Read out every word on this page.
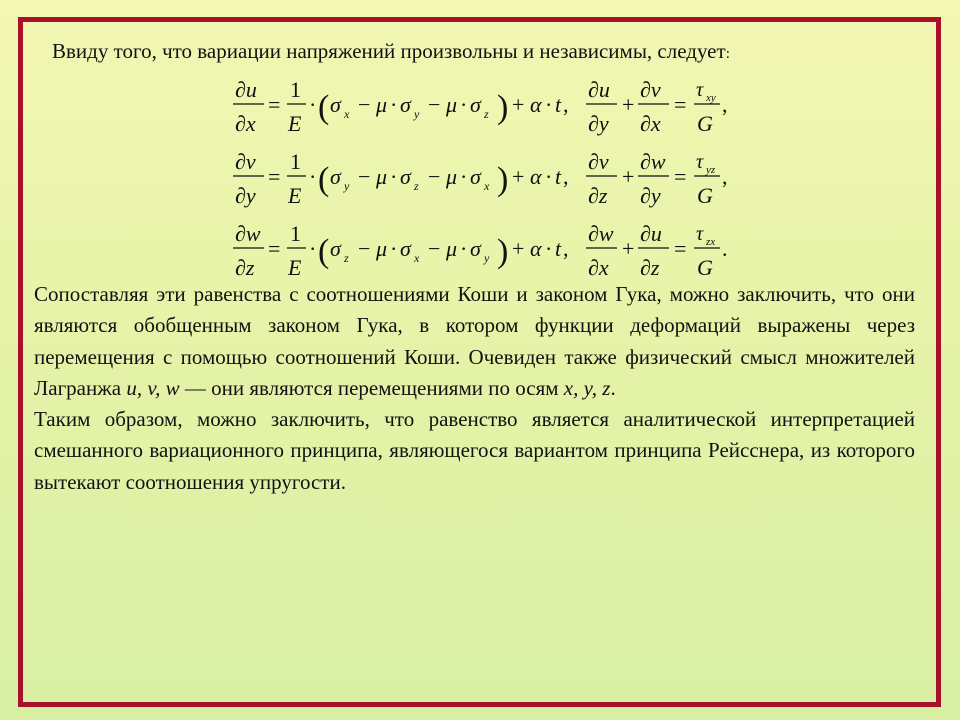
Ввиду того, что вариации напряжений произвольны и независимы, следует:
∂u
∂x
=
1
E
· ( σ x − μ · σ y − μ · σ z ) + α · t ,
∂u
∂y
+
∂v
∂x
=
τ xy
G
,
∂v
∂y
=
1
E
· ( σ y − μ · σ z − μ · σ x ) + α · t ,
∂v
∂z
+
∂w
∂y
=
τ yz
G
,
∂w
∂z
=
1
E
· ( σ z − μ · σ x − μ · σ y ) + α · t ,
∂w
∂x
+
∂u
∂z
=
τ zx
G
.

Сопоставляя эти равенства с соотношениями Коши и законом Гука, можно заключить, что они являются обобщенным законом Гука, в котором функции деформаций выражены через перемещения с помощью соотношений Коши. Очевиден также физический смысл множителей Лагранжа u, v, w — они являются перемещениями по осям x, y, z.

Таким образом, можно заключить, что равенство является аналитической интерпретацией смешанного вариационного принципа, являющегося вариантом принципа Рейсснера, из которого вытекают соотношения упругости.
